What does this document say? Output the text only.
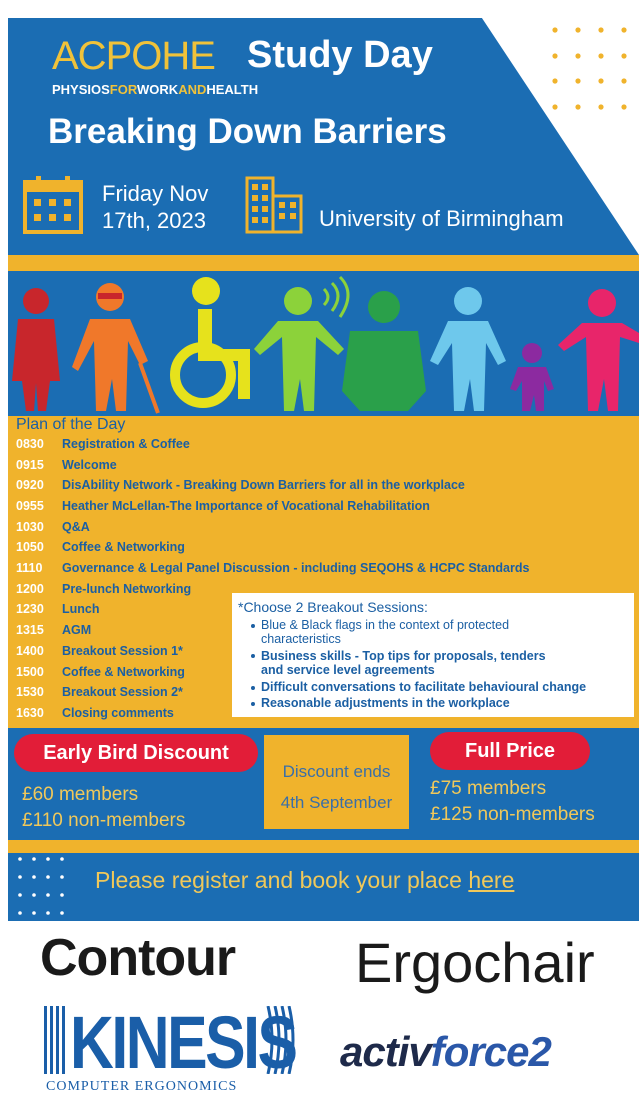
ACPOHE Study Day
PHYSIOSFORWORKANDHEALTH
Breaking Down Barriers
Friday Nov
17th, 2023	University of Birmingham
Plan of the Day
0830 Registration & Coffee
0915 Welcome
0920 DisAbility Network - Breaking Down Barriers for all in the workplace
0955 Heather McLellan-The Importance of Vocational Rehabilitation
1030 Q&A
1050 Coffee & Networking
1110 Governance & Legal Panel Discussion - including SEQOHS & HCPC Standards
1200 Pre-lunch Networking
1230 Lunch
1315 AGM
1400 Breakout Session 1*
1500 Coffee & Networking
1530 Breakout Session 2*
1630 Closing comments
*Choose 2 Breakout Sessions:
Blue & Black flags in the context of protected
characteristics
Business skills - Top tips for proposals, tenders
and service level agreements
Difficult conversations to facilitate behavioural change
Reasonable adjustments in the workplace
Early Bird Discount
£60 members
£110 non-members
Discount ends
4th September
Full Price
£75 members
£125 non-members
Please register and book your place here
Contour Ergochair
KINESIS
COMPUTER ERGONOMICS
activforce2
